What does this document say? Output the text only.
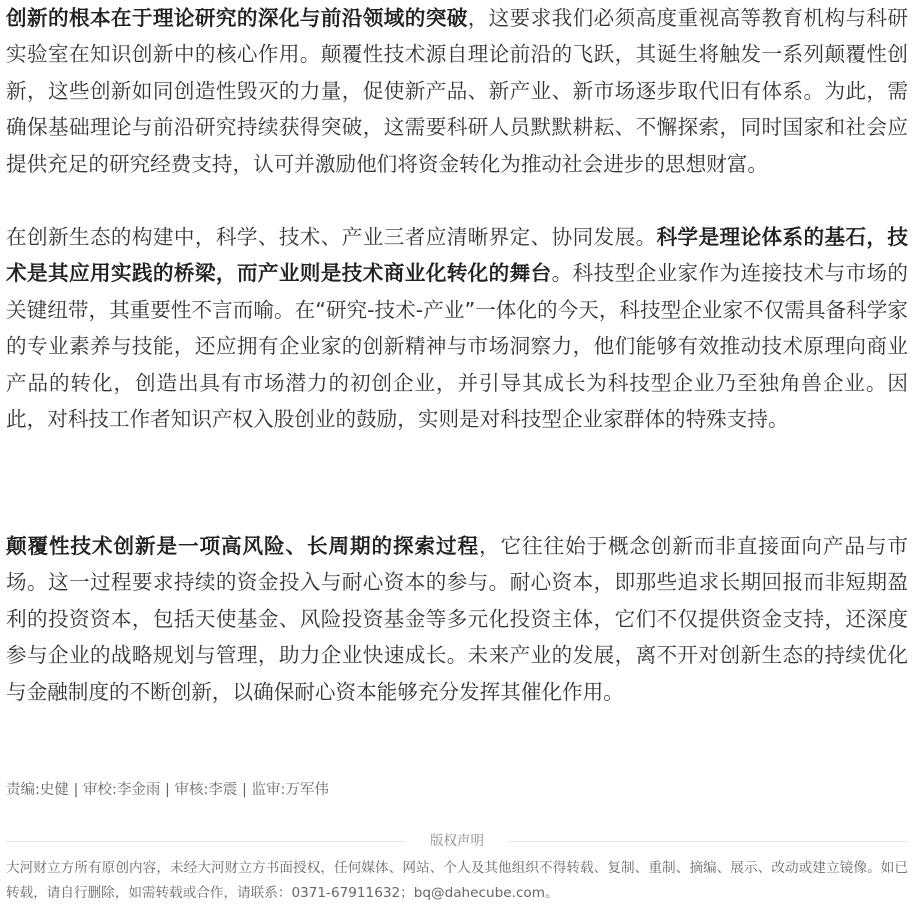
创新的根本在于理论研究的深化与前沿领域的突破，这要求我们必须高度重视高等教育机构与科研实验室在知识创新中的核心作用。颠覆性技术源自理论前沿的飞跃，其诞生将触发一系列颠覆性创新，这些创新如同创造性毁灭的力量，促使新产品、新产业、新市场逐步取代旧有体系。为此，需确保基础理论与前沿研究持续获得突破，这需要科研人员默默耕耘、不懈探索，同时国家和社会应提供充足的研究经费支持，认可并激励他们将资金转化为推动社会进步的思想财富。

在创新生态的构建中，科学、技术、产业三者应清晰界定、协同发展。科学是理论体系的基石，技术是其应用实践的桥梁，而产业则是技术商业化转化的舞台。科技型企业家作为连接技术与市场的关键纽带，其重要性不言而喻。在“研究-技术-产业”一体化的今天，科技型企业家不仅需具备科学家的专业素养与技能，还应拥有企业家的创新精神与市场洞察力，他们能够有效推动技术原理向商业产品的转化，创造出具有市场潜力的初创企业，并引导其成长为科技型企业乃至独角兽企业。因此，对科技工作者知识产权入股创业的鼓励，实则是对科技型企业家群体的特殊支持。

颠覆性技术创新是一项高风险、长周期的探索过程，它往往始于概念创新而非直接面向产品与市场。这一过程要求持续的资金投入与耐心资本的参与。耐心资本，即那些追求长期回报而非短期盈利的投资资本，包括天使基金、风险投资基金等多元化投资主体，它们不仅提供资金支持，还深度参与企业的战略规划与管理，助力企业快速成长。未来产业的发展，离不开对创新生态的持续优化与金融制度的不断创新，以确保耐心资本能够充分发挥其催化作用。

责编:史健 | 审校:李金雨 | 审核:李震 | 监审:万军伟
版权声明

大河财立方所有原创内容，未经大河财立方书面授权，任何媒体、网站、个人及其他组织不得转载、复制、重制、摘编、展示、改动或建立镜像。如已转载，请自行删除，如需转载或合作，请联系：0371-67911632；bq@dahecube.com。
